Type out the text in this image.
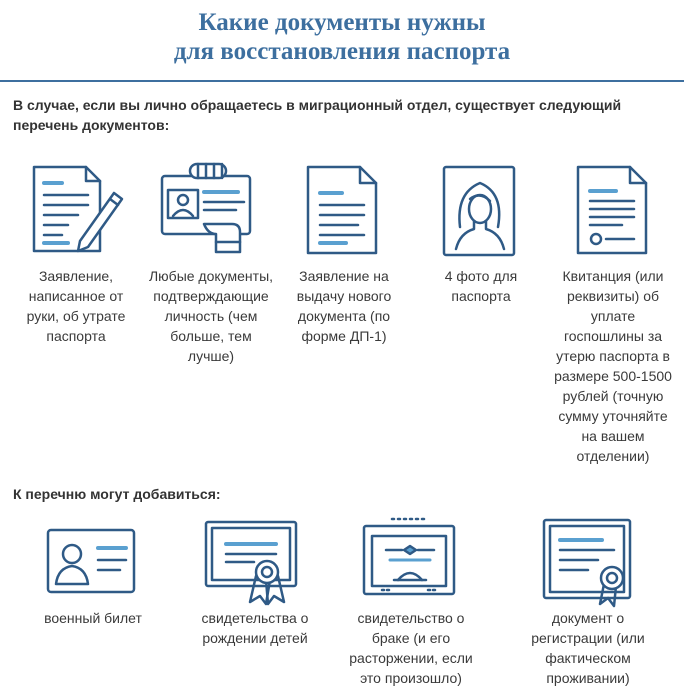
Какие документы нужны
для восстановления паспорта
В случае, если вы лично обращаетесь в миграционный отдел, существует следующий перечень документов:
Заявление, написанное от руки, об утрате паспорта
Любые документы, подтверждающие личность (чем больше, тем лучше)
Заявление на выдачу нового документа (по форме ДП-1)
4 фото для паспорта
Квитанция (или реквизиты) об уплате госпошлины за утерю паспорта в размере 500-1500 рублей (точную сумму уточняйте на вашем отделении)
К перечню могут добавиться:
военный билет	свидетельства о рождении детей
свидетельство о браке (и его расторжении, если это произошло)
документ о регистрации (или фактическом проживании)
